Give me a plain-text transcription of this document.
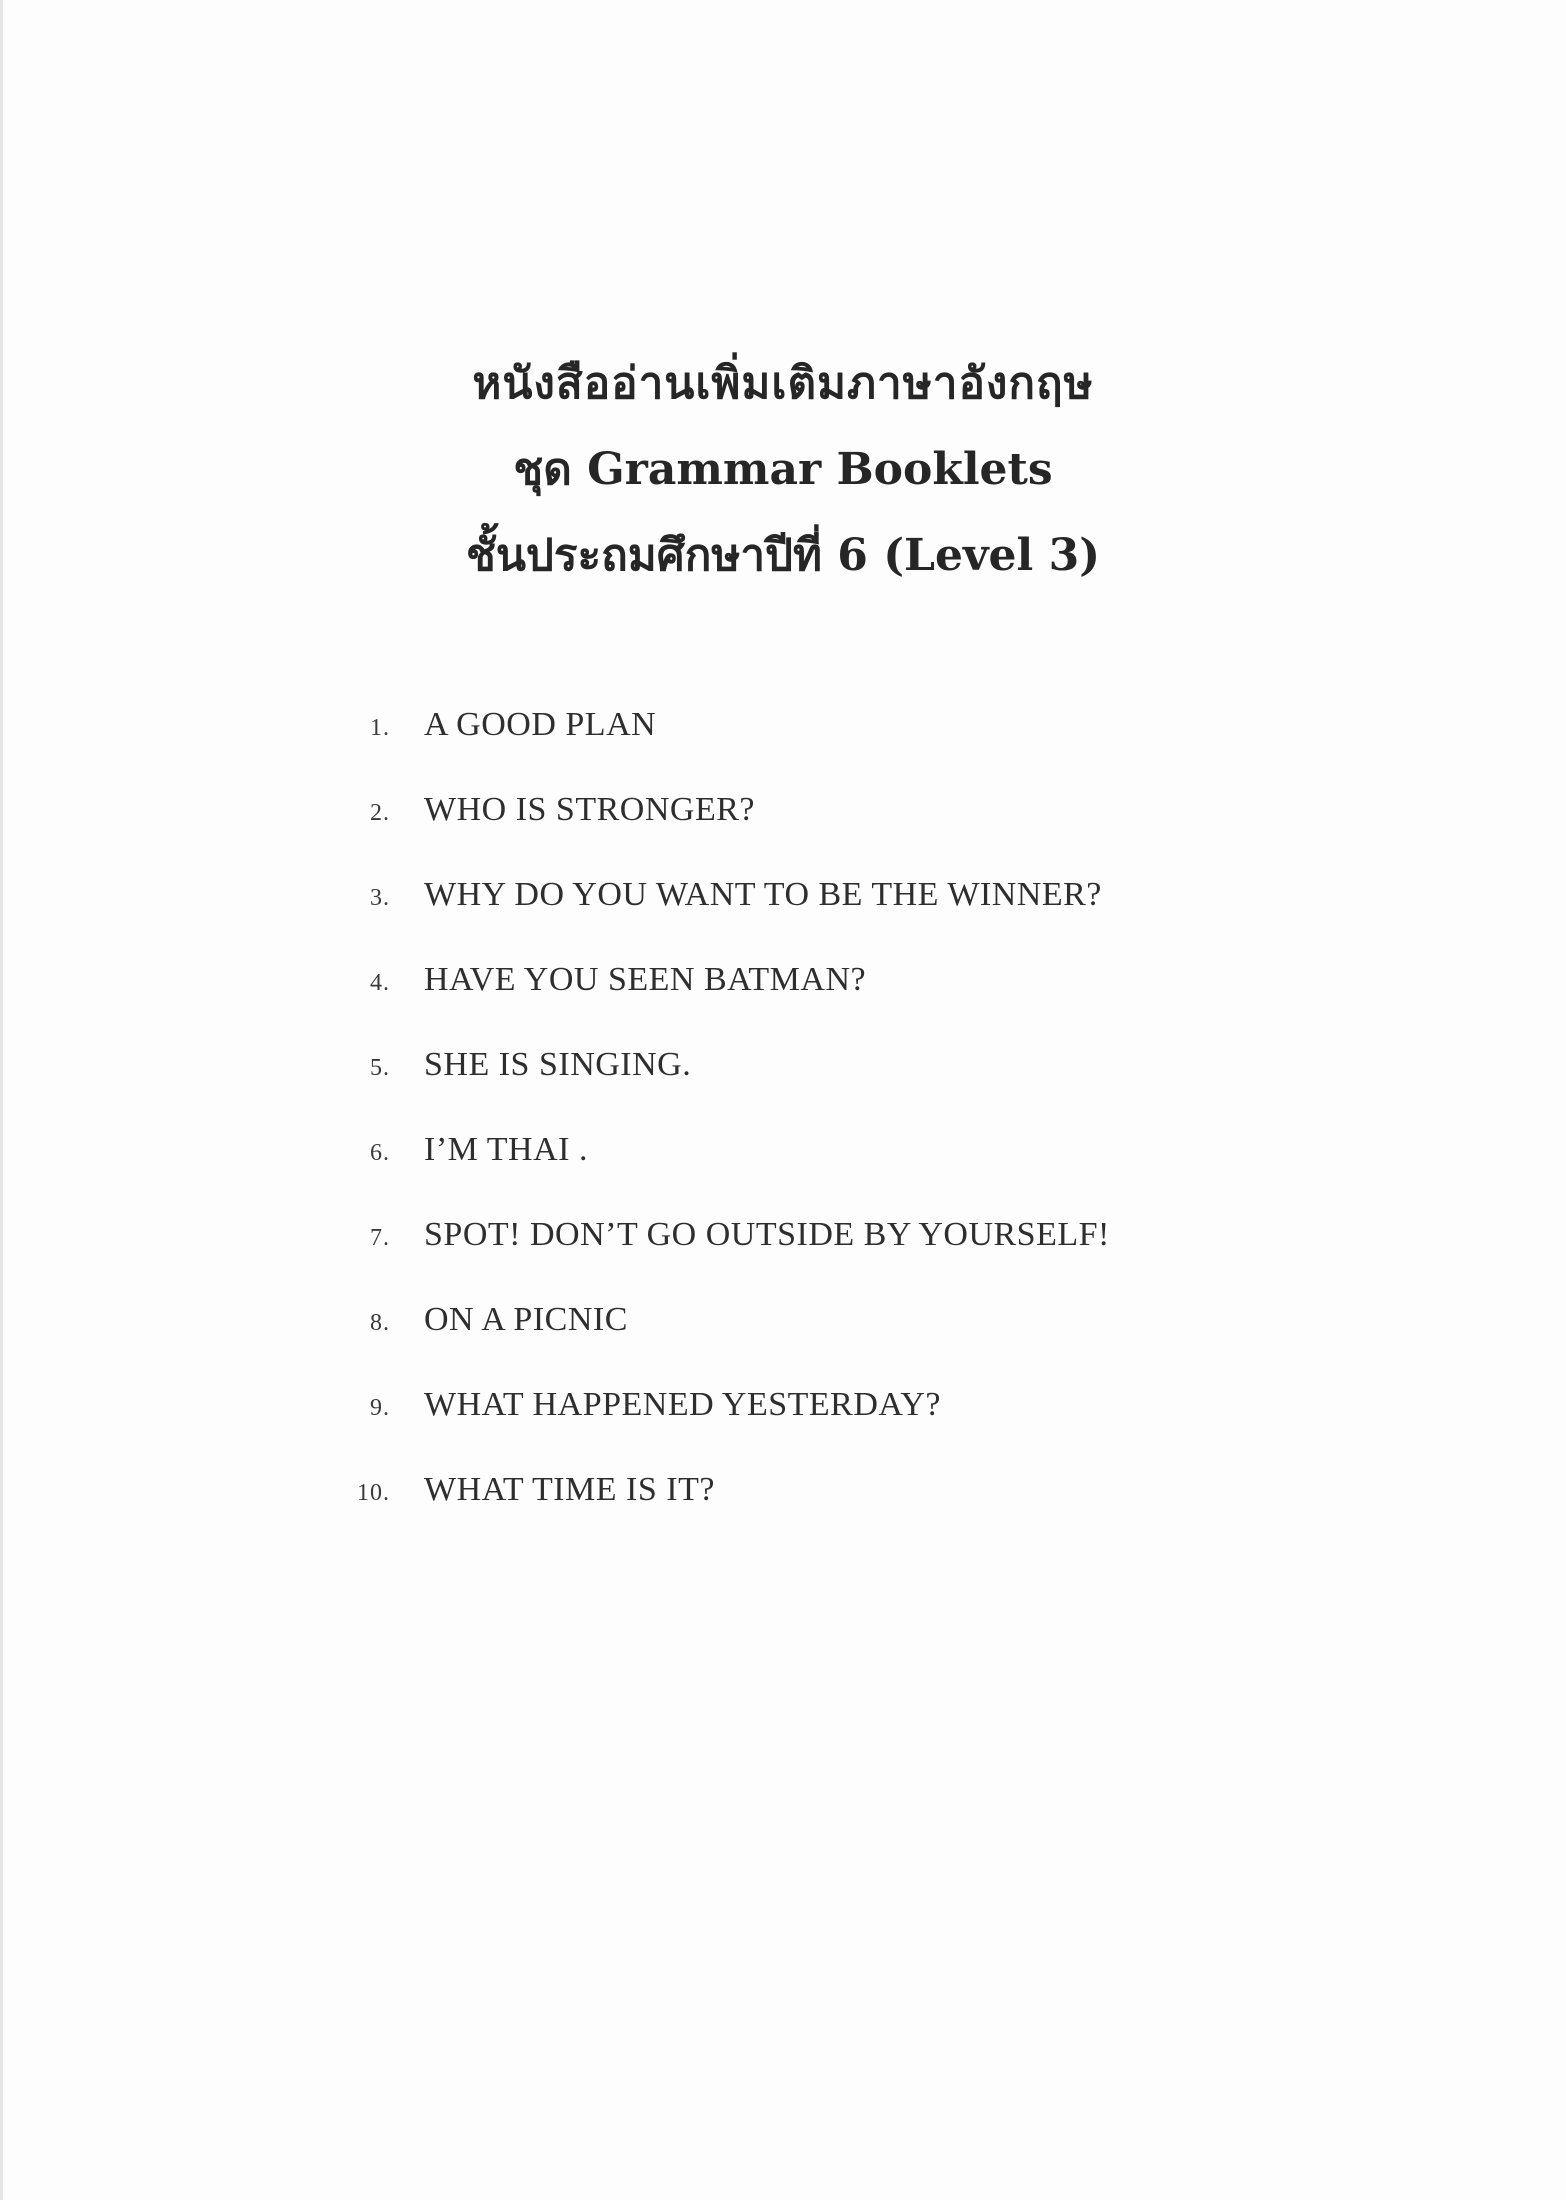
หนังสืออ่านเพิ่มเติมภาษาอังกฤษ
ชุด Grammar Booklets
ชั้นประถมศึกษาปีที่ 6 (Level 3)
1. A GOOD PLAN
2. WHO IS STRONGER?
3. WHY DO YOU WANT TO BE THE WINNER?
4. HAVE YOU SEEN BATMAN?
5. SHE IS SINGING.
6. I’M THAI .
7. SPOT! DON’T GO OUTSIDE BY YOURSELF!
8. ON A PICNIC
9. WHAT HAPPENED YESTERDAY?
10. WHAT TIME IS IT?
